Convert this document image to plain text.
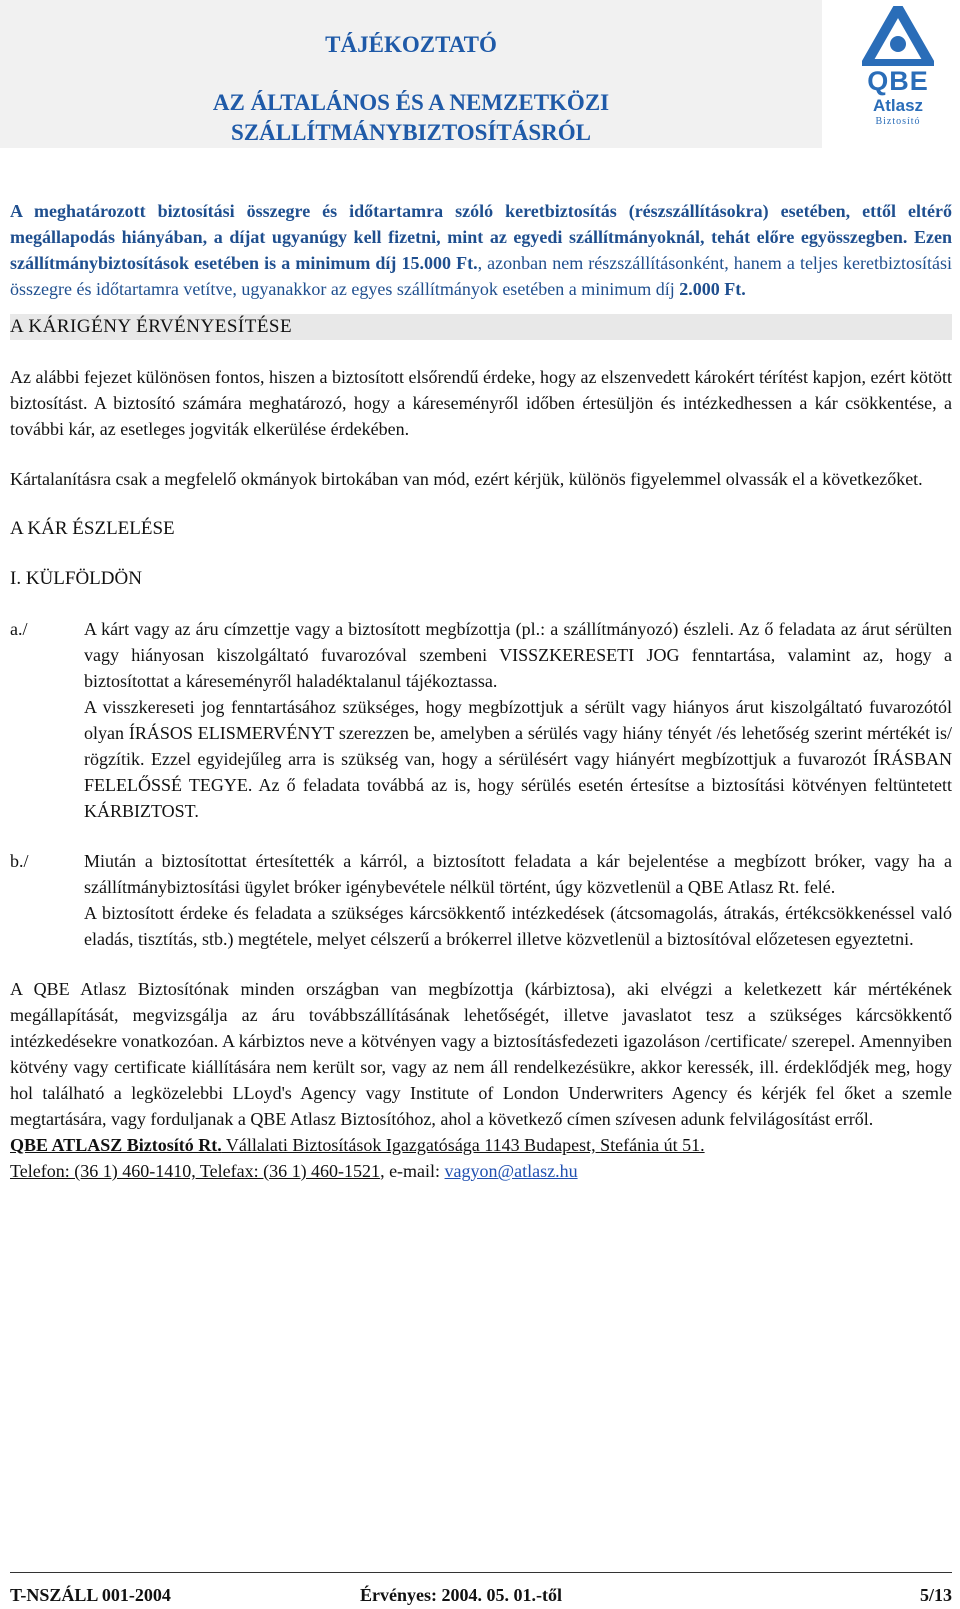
TÁJÉKOZTATÓ
AZ ÁLTALÁNOS ÉS A NEMZETKÖZI
SZÁLLÍTMÁNYBIZTOSÍTÁSRÓL
QBE
Atlasz
Biztosító

A meghatározott biztosítási összegre és időtartamra szóló keretbiztosítás (részszállításokra) esetében, ettől eltérő megállapodás hiányában, a díjat ugyanúgy kell fizetni, mint az egyedi szállítmányoknál, tehát előre egyösszegben. Ezen szállítmánybiztosítások esetében is a minimum díj 15.000 Ft., azonban nem részszállításonként, hanem a teljes keretbiztosítási összegre és időtartamra vetítve, ugyanakkor az egyes szállítmányok esetében a minimum díj 2.000 Ft.

A KÁRIGÉNY ÉRVÉNYESÍTÉSE

Az alábbi fejezet különösen fontos, hiszen a biztosított elsőrendű érdeke, hogy az elszenvedett károkért térítést kapjon, ezért kötött biztosítást. A biztosító számára meghatározó, hogy a káreseményről időben értesüljön és intézkedhessen a kár csökkentése, a további kár, az esetleges jogviták elkerülése érdekében.

Kártalanításra csak a megfelelő okmányok birtokában van mód, ezért kérjük, különös figyelemmel olvassák el a következőket.

A KÁR ÉSZLELÉSE
I. KÜLFÖLDÖN
a./	A kárt vagy az áru címzettje vagy a biztosított megbízottja (pl.: a szállítmányozó) észleli. Az ő feladata az árut sérülten vagy hiányosan kiszolgáltató fuvarozóval szembeni VISSZKERESETI JOG fenntartása, valamint az, hogy a biztosítottat a káreseményről haladéktalanul tájékoztassa.

A visszkereseti jog fenntartásához szükséges, hogy megbízottjuk a sérült vagy hiányos árut kiszolgáltató fuvarozótól olyan ÍRÁSOS ELISMERVÉNYT szerezzen be, amelyben a sérülés vagy hiány tényét /és lehetőség szerint mértékét is/ rögzítik. Ezzel egyidejűleg arra is szükség van, hogy a sérülésért vagy hiányért megbízottjuk a fuvarozót ÍRÁSBAN FELELŐSSÉ TEGYE. Az ő feladata továbbá az is, hogy sérülés esetén értesítse a biztosítási kötvényen feltüntetett KÁRBIZTOST.

b./	Miután a biztosítottat értesítették a kárról, a biztosított feladata a kár bejelentése a megbízott bróker, vagy ha a szállítmánybiztosítási ügylet bróker igénybevétele nélkül történt, úgy közvetlenül a QBE Atlasz Rt. felé.

A biztosított érdeke és feladata a szükséges kárcsökkentő intézkedések (átcsomagolás, átrakás, értékcsökkenéssel való eladás, tisztítás, stb.) megtétele, melyet célszerű a brókerrel illetve közvetlenül a biztosítóval előzetesen egyeztetni.

A QBE Atlasz Biztosítónak minden országban van megbízottja (kárbiztosa), aki elvégzi a keletkezett kár mértékének megállapítását, megvizsgálja az áru továbbszállításának lehetőségét, illetve javaslatot tesz a szükséges kárcsökkentő intézkedésekre vonatkozóan. A kárbiztos neve a kötvényen vagy a biztosításfedezeti igazoláson /certificate/ szerepel. Amennyiben kötvény vagy certificate kiállítására nem került sor, vagy az nem áll rendelkezésükre, akkor keressék, ill. érdeklődjék meg, hogy hol található a legközelebbi LLoyd's Agency vagy Institute of London Underwriters Agency és kérjék fel őket a szemle megtartására, vagy forduljanak a QBE Atlasz Biztosítóhoz, ahol a következő címen szívesen adunk felvilágosítást erről.

QBE ATLASZ Biztosító Rt. Vállalati Biztosítások Igazgatósága 1143 Budapest, Stefánia út 51.

Telefon: (36 1) 460-1410, Telefax: (36 1) 460-1521, e-mail: vagyon@atlasz.hu

T-NSZÁLL 001-2004	Érvényes: 2004. 05. 01.-től	5/13
